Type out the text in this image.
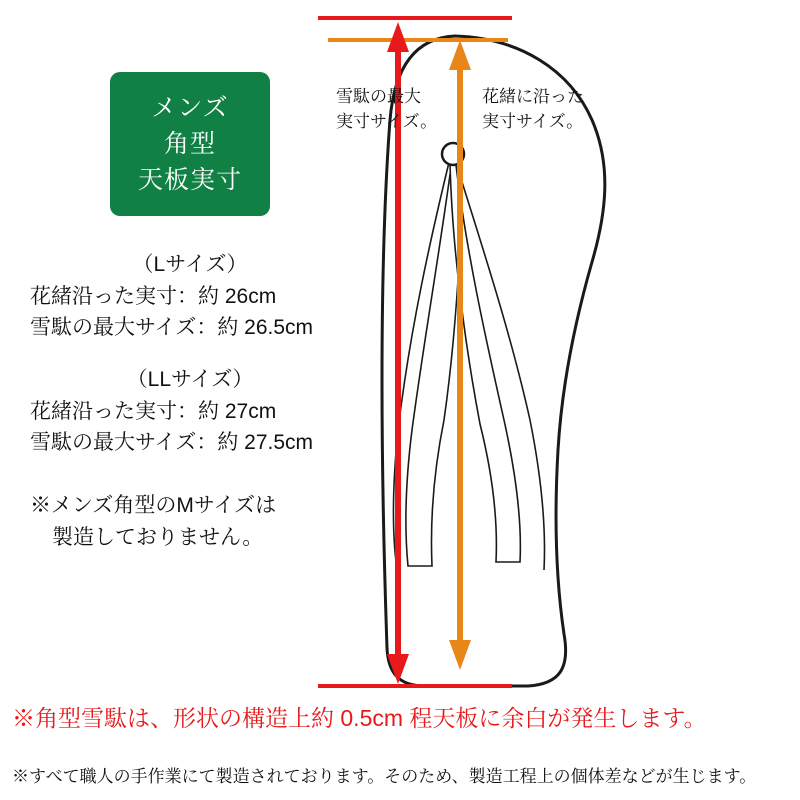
メンズ
角型
天板実寸
（Lサイズ）
花緒沿った実寸：約 26cm
雪駄の最大サイズ：約 26.5cm
（LLサイズ）
花緒沿った実寸：約 27cm
雪駄の最大サイズ：約 27.5cm
※メンズ角型のMサイズは
製造しておりません。
雪駄の最大
実寸サイズ。
花緒に沿った
実寸サイズ。
※角型雪駄は、形状の構造上約 0.5cm 程天板に余白が発生します。
※すべて職人の手作業にて製造されております。そのため、製造工程上の個体差などが生じます。
